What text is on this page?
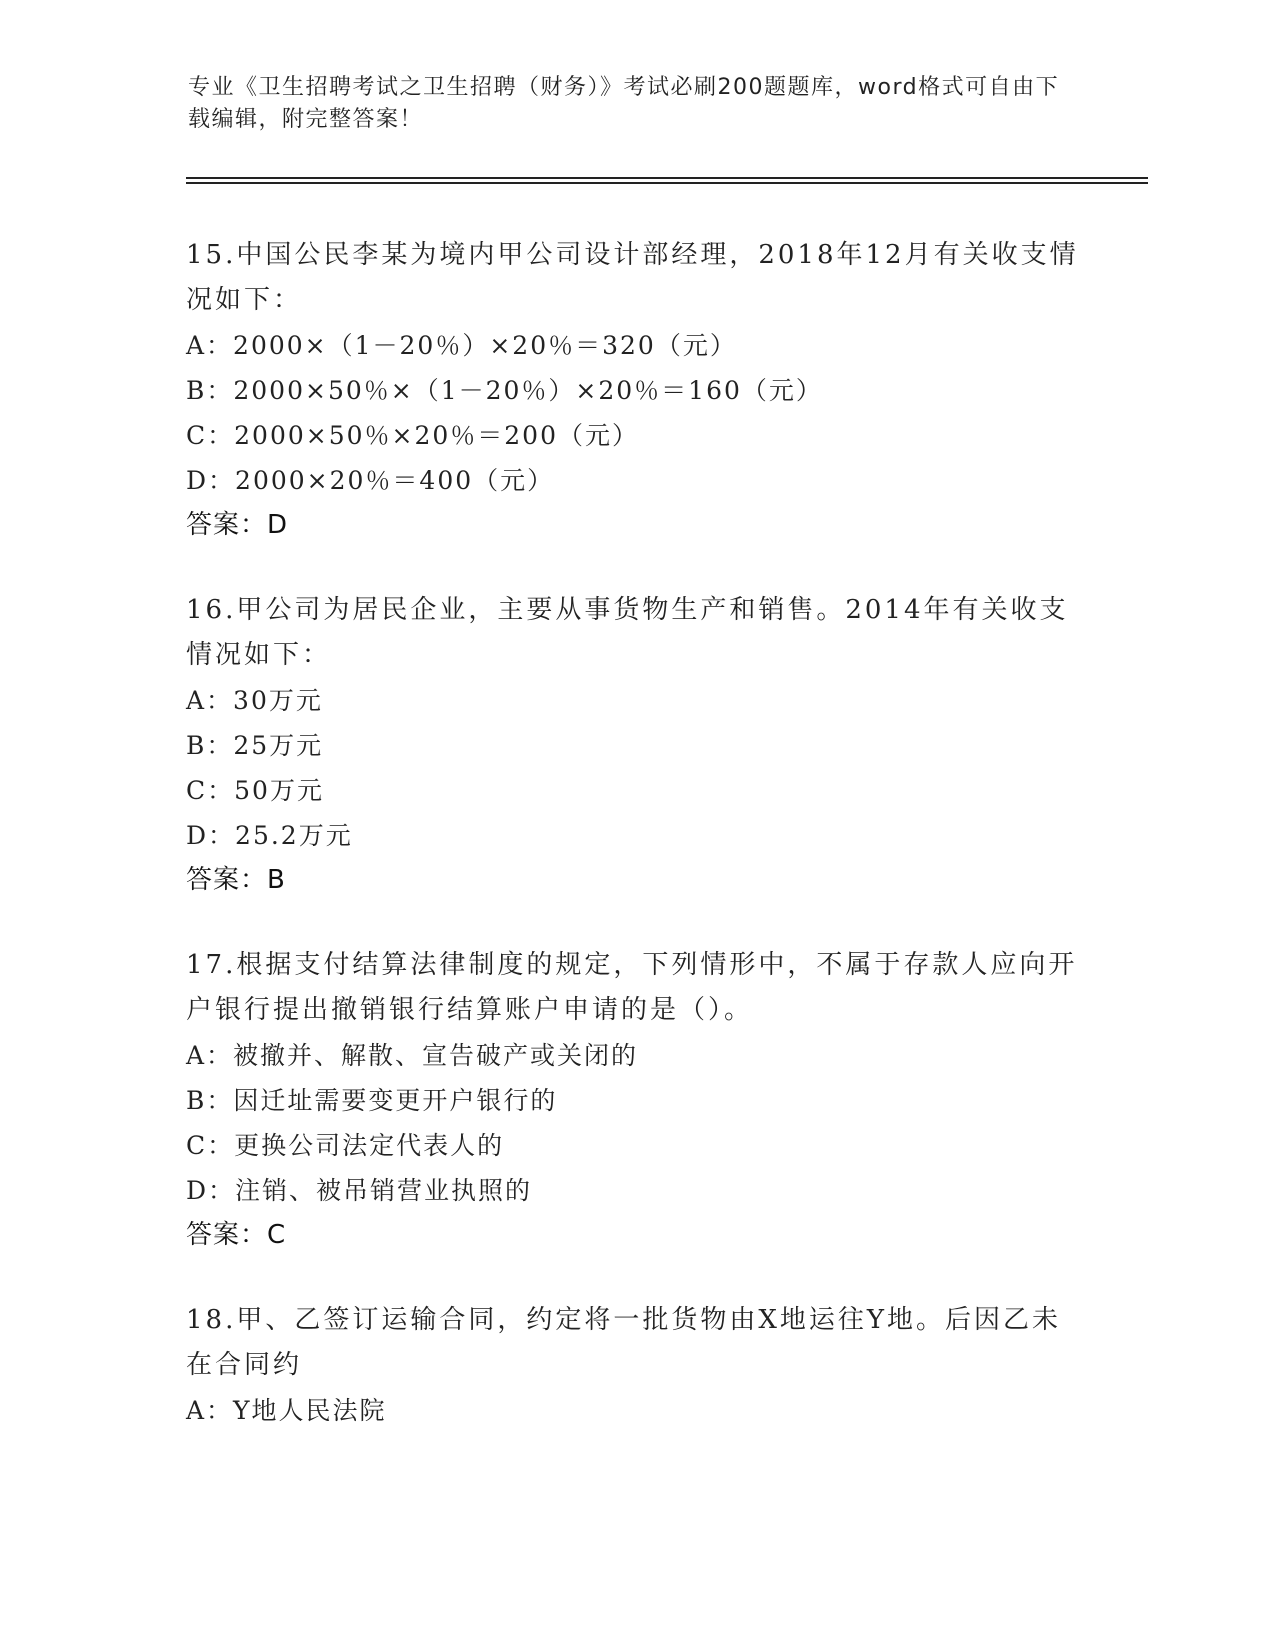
专业《卫生招聘考试之卫生招聘（财务）》考试必刷200题题库，word格式可自由下载编辑，附完整答案！

15.中国公民李某为境内甲公司设计部经理，2018年12月有关收支情况如下：

A：2000×（1－20％）×20％＝320（元）
B：2000×50％×（1－20％）×20％＝160（元）
C：2000×50％×20％＝200（元）
D：2000×20％＝400（元）
答案：D

16.甲公司为居民企业，主要从事货物生产和销售。2014年有关收支情况如下：

A：30万元
B：25万元
C：50万元
D：25.2万元
答案：B

17.根据支付结算法律制度的规定，下列情形中，不属于存款人应向开户银行提出撤销银行结算账户申请的是（）。

A：被撤并、解散、宣告破产或关闭的
B：因迁址需要变更开户银行的
C：更换公司法定代表人的
D：注销、被吊销营业执照的
答案：C

18.甲、乙签订运输合同，约定将一批货物由X地运往Y地。后因乙未在合同约

A：Y地人民法院
